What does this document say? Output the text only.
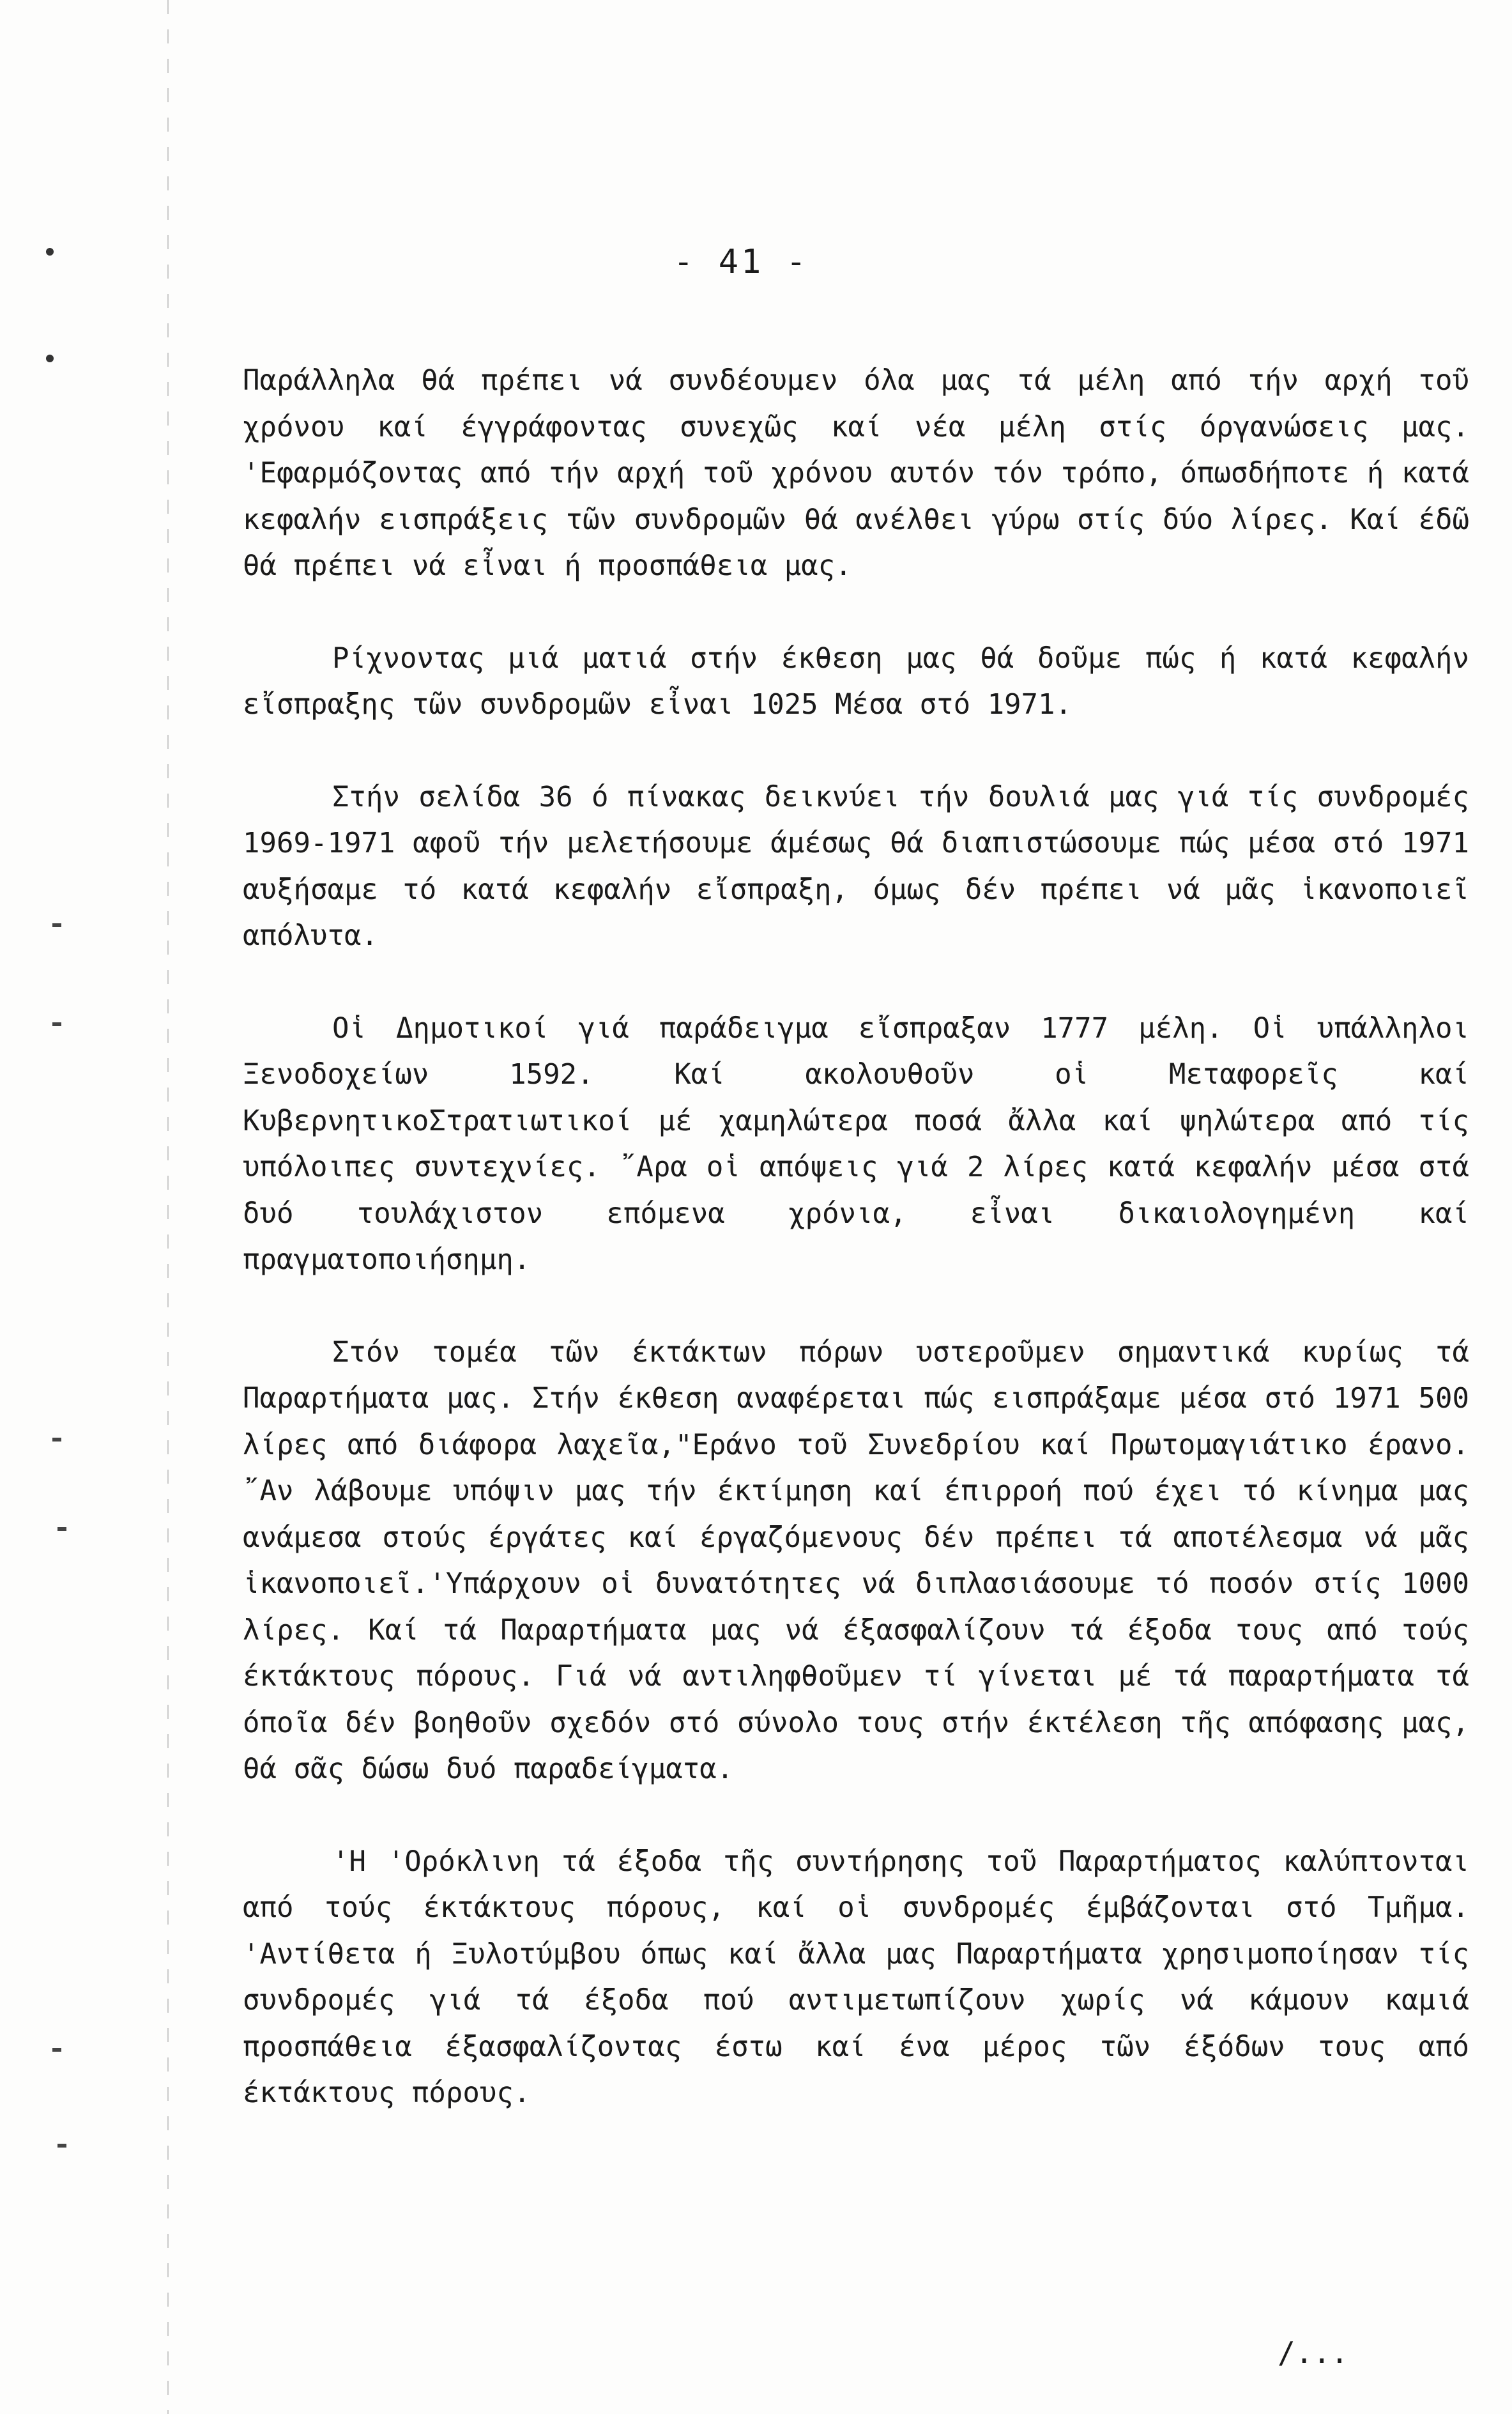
- 41 -

Παράλληλα θά πρέπει νά συνδέουμεν όλα μας τά μέλη από τήν αρχή τοῦ χρόνου καί έγγράφοντας συνεχῶς καί νέα μέλη στίς όργανώσεις μας. 'Εφαρμόζοντας από τήν αρχή τοῦ χρόνου αυτόν τόν τρόπο, όπωσδήποτε ή κατά κεφαλήν εισπράξεις τῶν συνδρομῶν θά ανέλθει γύρω στίς δύο λίρες. Καί έδῶ θά πρέπει νά εἶναι ή προσπάθεια μας.

Ρίχνοντας μιά ματιά στήν έκθεση μας θά δοῦμε πώς ή κατά κεφαλήν εἴσπραξης τῶν συνδρομῶν εἶναι 1025 Μέσα στό 1971.

Στήν σελίδα 36 ό πίνακας δεικνύει τήν δουλιά μας γιά τίς συνδρομές 1969-1971 αφοῦ τήν μελετήσουμε άμέσως θά διαπιστώσουμε πώς μέσα στό 1971 αυξήσαμε τό κατά κεφαλήν εἴσπραξη, όμως δέν πρέπει νά μᾶς ἱκανοποιεῖ απόλυτα.

Οἱ Δημοτικοί γιά παράδειγμα εἴσπραξαν 1777 μέλη. Οἱ υπάλληλοι Ξενοδοχείων 1592. Καί ακολουθοῦν οἱ Μεταφορεῖς καί ΚυβερνητικοΣτρατιωτικοί μέ χαμηλώτερα ποσά ἄλλα καί ψηλώτερα από τίς υπόλοιπες συντεχνίες. ῎Αρα οἱ απόψεις γιά 2 λίρες κατά κεφαλήν μέσα στά δυό τουλάχιστον επόμενα χρόνια, εἶναι δικαιολογημένη καί πραγματοποιήσημη.

Στόν τομέα τῶν έκτάκτων πόρων υστεροῦμεν σημαντικά κυρίως τά Παραρτήματα μας. Στήν έκθεση αναφέρεται πώς εισπράξαμε μέσα στό 1971 500 λίρες από διάφορα λαχεῖα,"Εράνο τοῦ Συνεδρίου καί Πρωτομαγιάτικο έρανο. ῎Αν λάβουμε υπόψιν μας τήν έκτίμηση καί έπιρροή πού έχει τό κίνημα μας ανάμεσα στούς έργάτες καί έργαζόμενους δέν πρέπει τά αποτέλεσμα νά μᾶς ἱκανοποιεῖ.'Υπάρχουν οἱ δυνατότητες νά διπλασιάσουμε τό ποσόν στίς 1000 λίρες. Καί τά Παραρτήματα μας νά έξασφαλίζουν τά έξοδα τους από τούς έκτάκτους πόρους. Γιά νά αντιληφθοῦμεν τί γίνεται μέ τά παραρτήματα τά όποῖα δέν βοηθοῦν σχεδόν στό σύνολο τους στήν έκτέλεση τῆς απόφασης μας, θά σᾶς δώσω δυό παραδείγματα.

'Η 'Ορόκλινη τά έξοδα τῆς συντήρησης τοῦ Παραρτήματος καλύπτονται από τούς έκτάκτους πόρους, καί οἱ συνδρομές έμβάζονται στό Τμῆμα. 'Αντίθετα ή Ξυλοτύμβου όπως καί ἄλλα μας Παραρτήματα χρησιμοποίησαν τίς συνδρομές γιά τά έξοδα πού αντιμετωπίζουν χωρίς νά κάμουν καμιά προσπάθεια έξασφαλίζοντας έστω καί ένα μέρος τῶν έξόδων τους από έκτάκτους πόρους.

/...
